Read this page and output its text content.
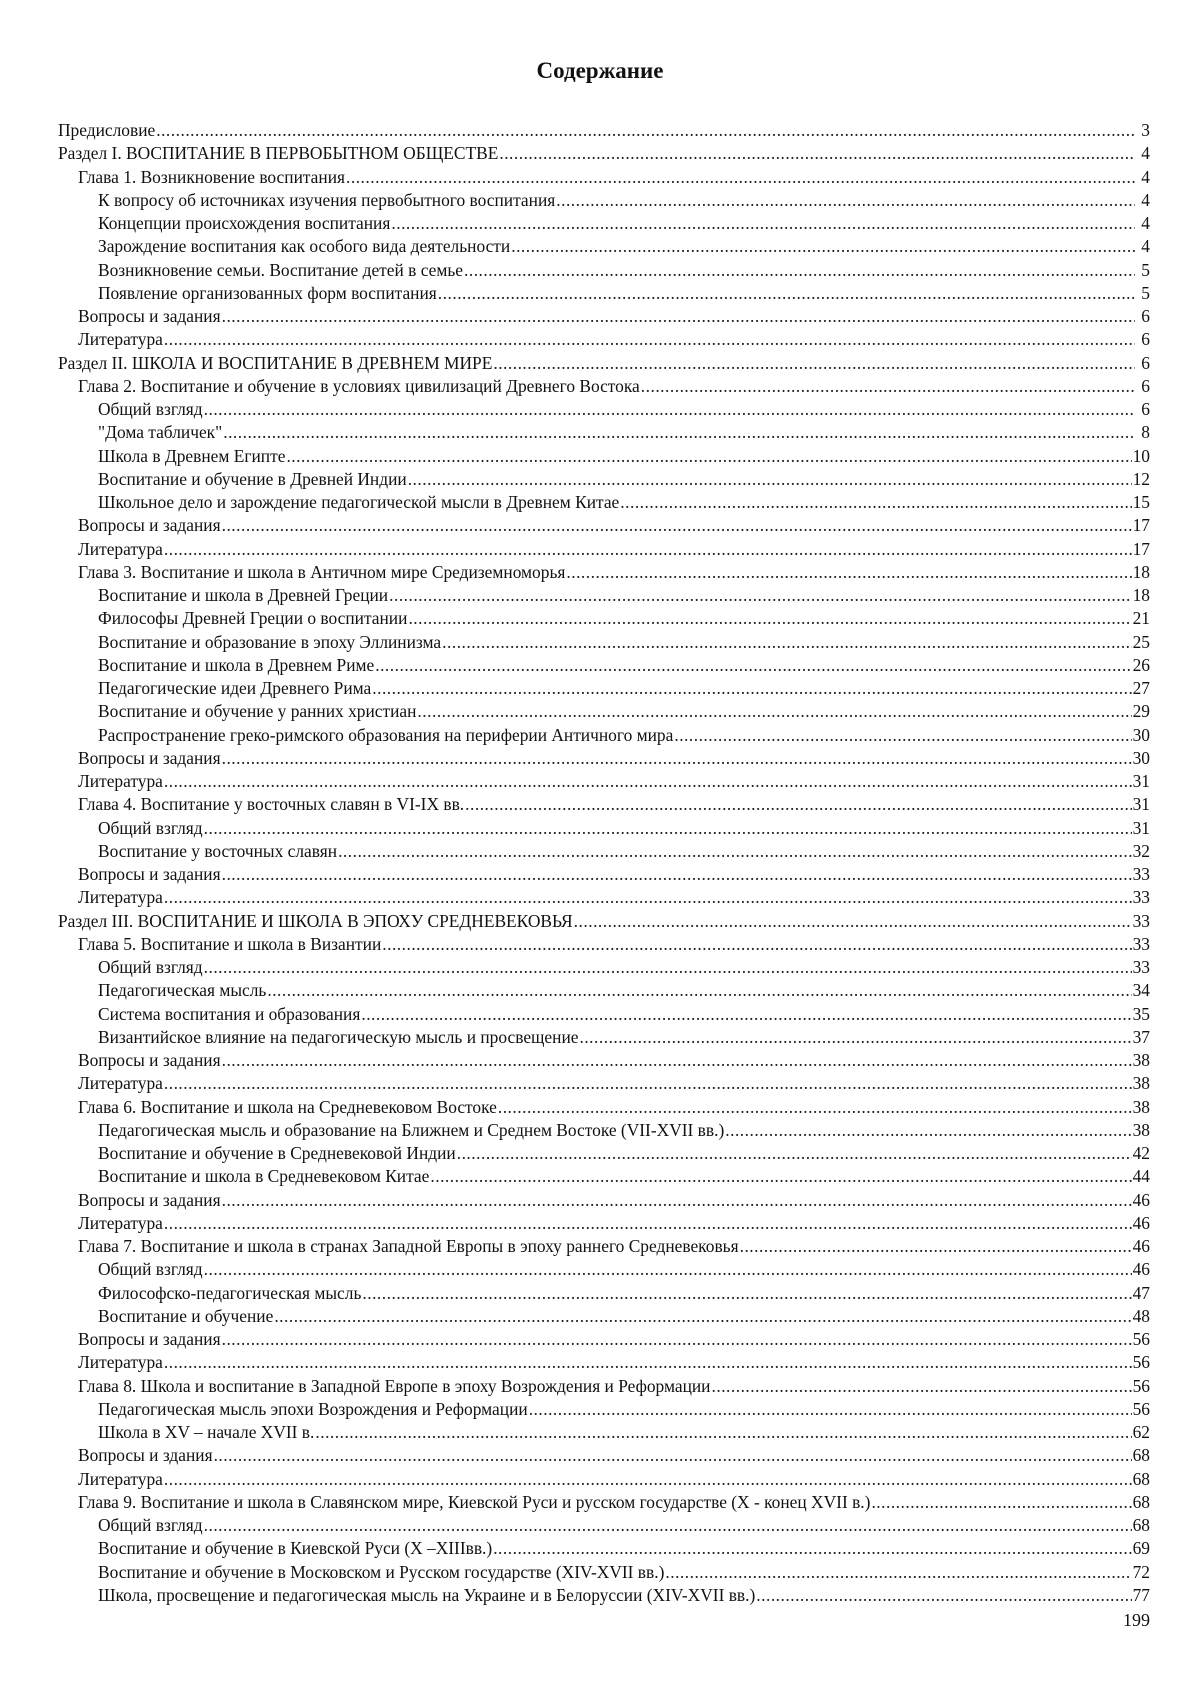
Содержание
Предисловие .....	3
Раздел I. ВОСПИТАНИЕ В ПЕРВОБЫТНОМ ОБЩЕСТВЕ .....	4
Глава 1. Возникновение воспитания .....	4
К вопросу об источниках изучения первобытного воспитания .....	4
Концепции происхождения воспитания .....	4
Зарождение воспитания как особого вида деятельности .....	4
Возникновение семьи. Воспитание детей в семье .....	5
Появление организованных форм воспитания .....	5
Вопросы и задания .....	6
Литература .....	6
Раздел II. ШКОЛА И ВОСПИТАНИЕ В ДРЕВНЕМ МИРЕ .....	6
Глава 2. Воспитание и обучение в условиях цивилизаций Древнего Востока .....	6
Общий взгляд .....	6
"Дома табличек" .....	8
Школа в Древнем Египте .....	10
Воспитание и обучение в Древней Индии .....	12
Школьное дело и зарождение педагогической мысли в Древнем Китае .....	15
Вопросы и задания .....	17
Литература .....	17
Глава 3. Воспитание и школа в Античном мире Средиземноморья .....	18
Воспитание и школа в Древней Греции .....	18
Философы Древней Греции о воспитании .....	21
Воспитание и образование в эпоху Эллинизма .....	25
Воспитание и школа в Древнем Риме .....	26
Педагогические идеи Древнего Рима .....	27
Воспитание и обучение у ранних христиан .....	29
Распространение греко-римского образования на периферии Античного мира .....	30
Вопросы и задания .....	30
Литература .....	31
Глава 4. Воспитание у восточных славян в VI-IX вв. .....	31
Общий взгляд .....	31
Воспитание у восточных славян .....	32
Вопросы и задания .....	33
Литература .....	33
Раздел III. ВОСПИТАНИЕ И ШКОЛА В ЭПОХУ СРЕДНЕВЕКОВЬЯ .....	33
Глава 5. Воспитание и школа в Византии .....	33
Общий взгляд .....	33
Педагогическая мысль .....	34
Система воспитания и образования .....	35
Византийское влияние на педагогическую мысль и просвещение .....	37
Вопросы и задания .....	38
Литература .....	38
Глава 6. Воспитание и школа на Средневековом Востоке .....	38
Педагогическая мысль и образование на Ближнем и Среднем Востоке (VII-XVII вв.) .....	38
Воспитание и обучение в Средневековой Индии .....	42
Воспитание и школа в Средневековом Китае .....	44
Вопросы и задания .....	46
Литература .....	46
Глава 7. Воспитание и школа в странах Западной Европы в эпоху раннего Средневековья .....	46
Общий взгляд .....	46
Философско-педагогическая мысль .....	47
Воспитание и обучение .....	48
Вопросы и задания .....	56
Литература .....	56
Глава 8. Школа и воспитание в Западной Европе в эпоху Возрождения и Реформации .....	56
Педагогическая мысль эпохи Возрождения и Реформации .....	56
Школа в XV – начале XVII в. .....	62
Вопросы и здания .....	68
Литература .....	68
Глава 9. Воспитание и школа в Славянском мире, Киевской Руси и русском государстве (X - конец XVII в.) .....	68
Общий взгляд .....	68
Воспитание и обучение в Киевской Руси (X –XIIIвв.) .....	69
Воспитание и обучение в Московском и Русском государстве (XIV-XVII вв.) .....	72
Школа, просвещение и педагогическая мысль на Украине и в Белоруссии (XIV-XVII вв.) .....	77

199
